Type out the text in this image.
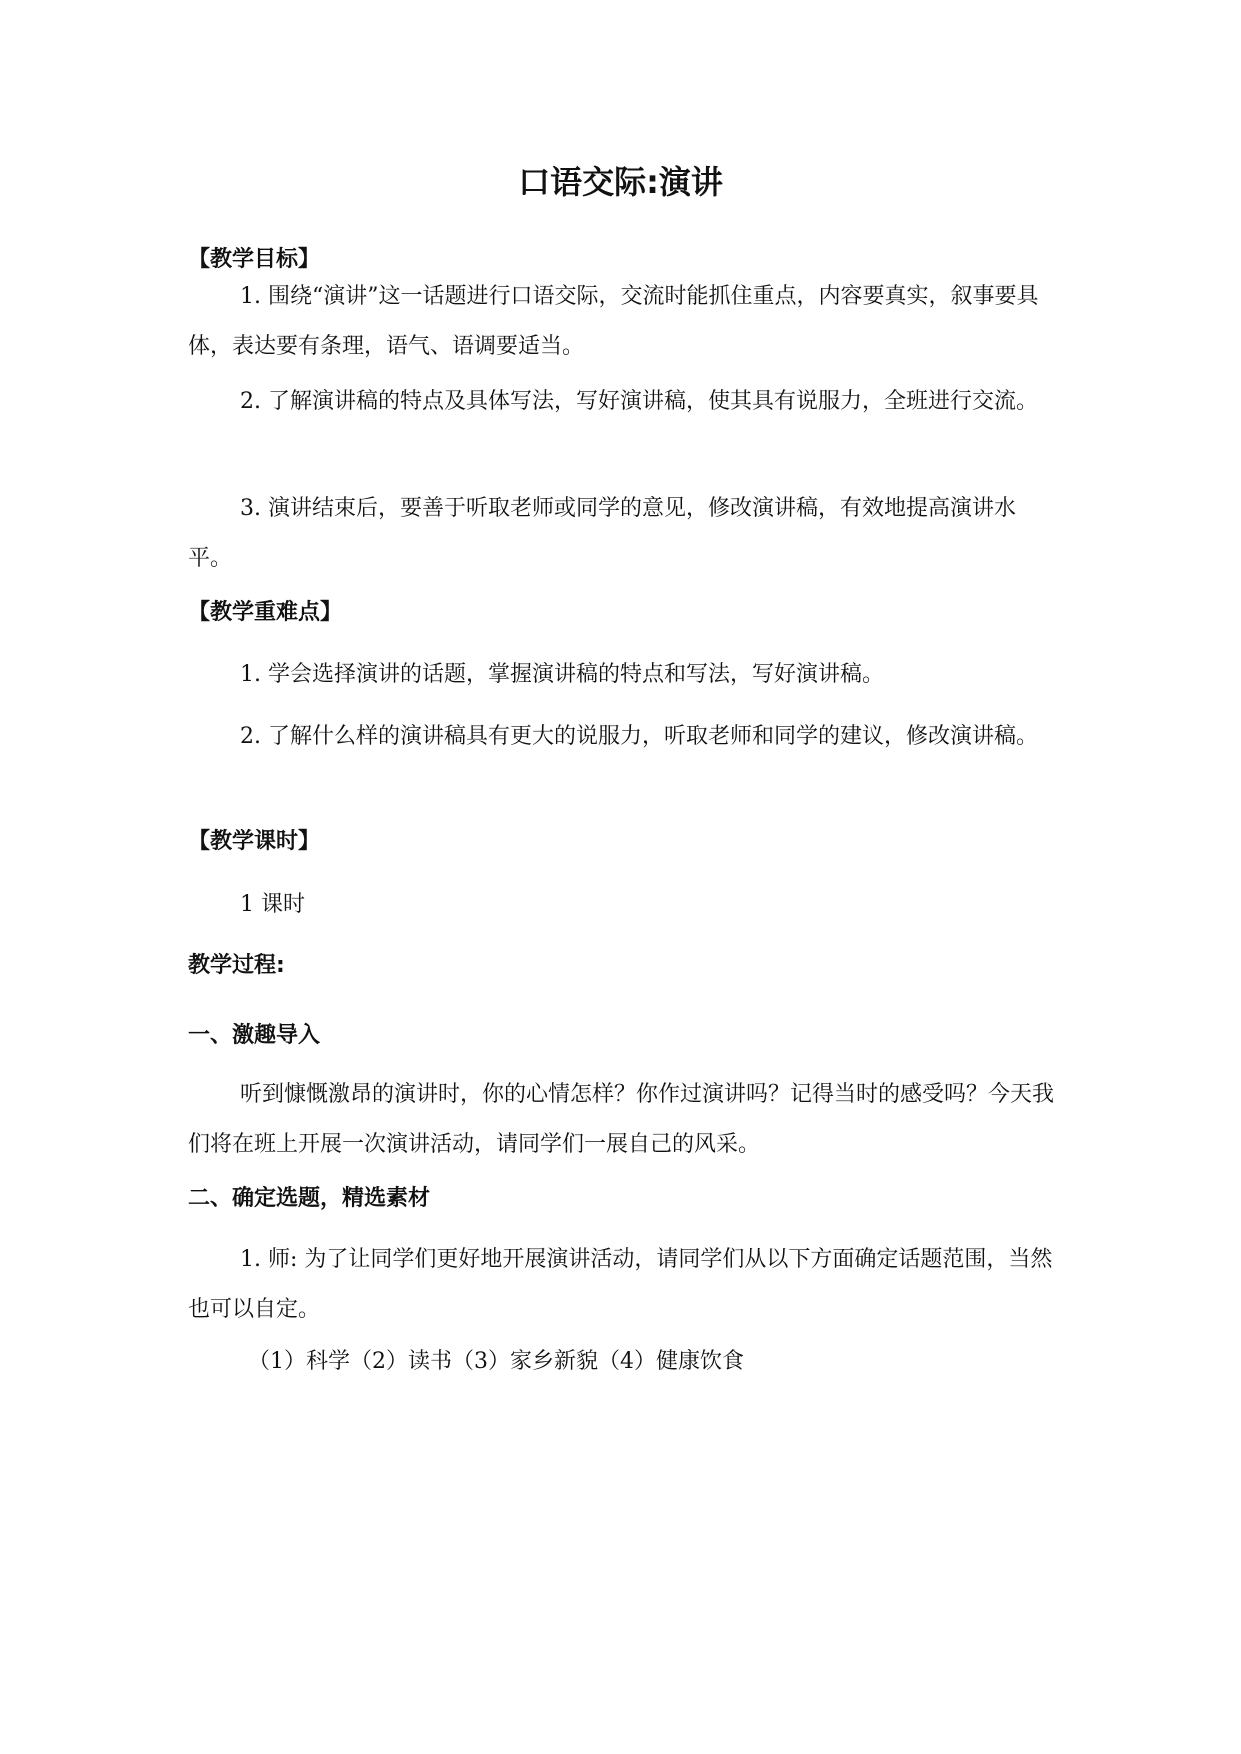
口语交际:演讲
【教学目标】

1. 围绕“演讲”这一话题进行口语交际，交流时能抓住重点，内容要真实，叙事要具体，表达要有条理，语气、语调要适当。

2. 了解演讲稿的特点及具体写法，写好演讲稿，使其具有说服力，全班进行交流。

3. 演讲结束后，要善于听取老师或同学的意见，修改演讲稿，有效地提高演讲水平。

【教学重难点】

1. 学会选择演讲的话题，掌握演讲稿的特点和写法，写好演讲稿。

2. 了解什么样的演讲稿具有更大的说服力，听取老师和同学的建议，修改演讲稿。

【教学课时】

1 课时

教学过程:
一、激趣导入

听到慷慨激昂的演讲时，你的心情怎样？你作过演讲吗？记得当时的感受吗？今天我们将在班上开展一次演讲活动，请同学们一展自己的风采。

二、确定选题，精选素材

1. 师: 为了让同学们更好地开展演讲活动，请同学们从以下方面确定话题范围，当然也可以自定。

（1）科学（2）读书（3）家乡新貌（4）健康饮食
